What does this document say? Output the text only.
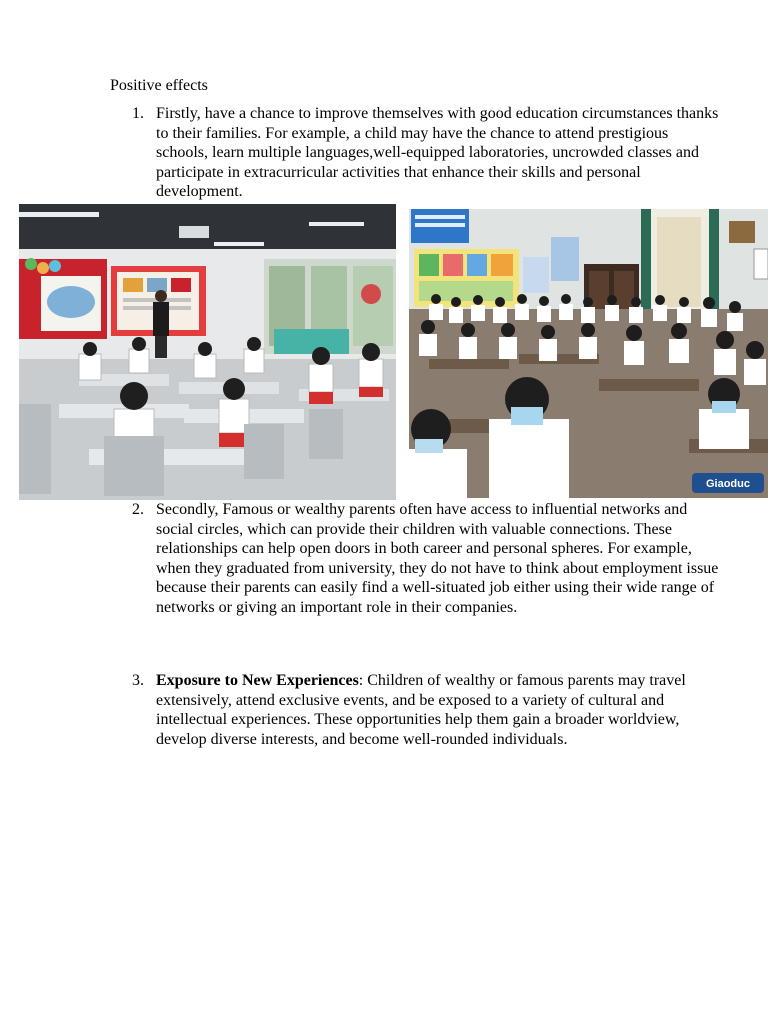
Positive effects
1. Firstly, have a chance to improve themselves with good education circumstances thanks to their families. For example, a child may have the chance to attend prestigious schools, learn multiple languages,well-equipped laboratories, uncrowded classes and participate in extracurricular activities that enhance their skills and personal development.
Giaoduc
2. Secondly, Famous or wealthy parents often have access to influential networks and social circles, which can provide their children with valuable connections. These relationships can help open doors in both career and personal spheres. For example, when they graduated from university, they do not have to think about employment issue because their parents can easily find a well-situated job either using their wide range of networks or giving an important role in their companies.
3. Exposure to New Experiences: Children of wealthy or famous parents may travel extensively, attend exclusive events, and be exposed to a variety of cultural and intellectual experiences. These opportunities help them gain a broader worldview, develop diverse interests, and become well-rounded individuals.
